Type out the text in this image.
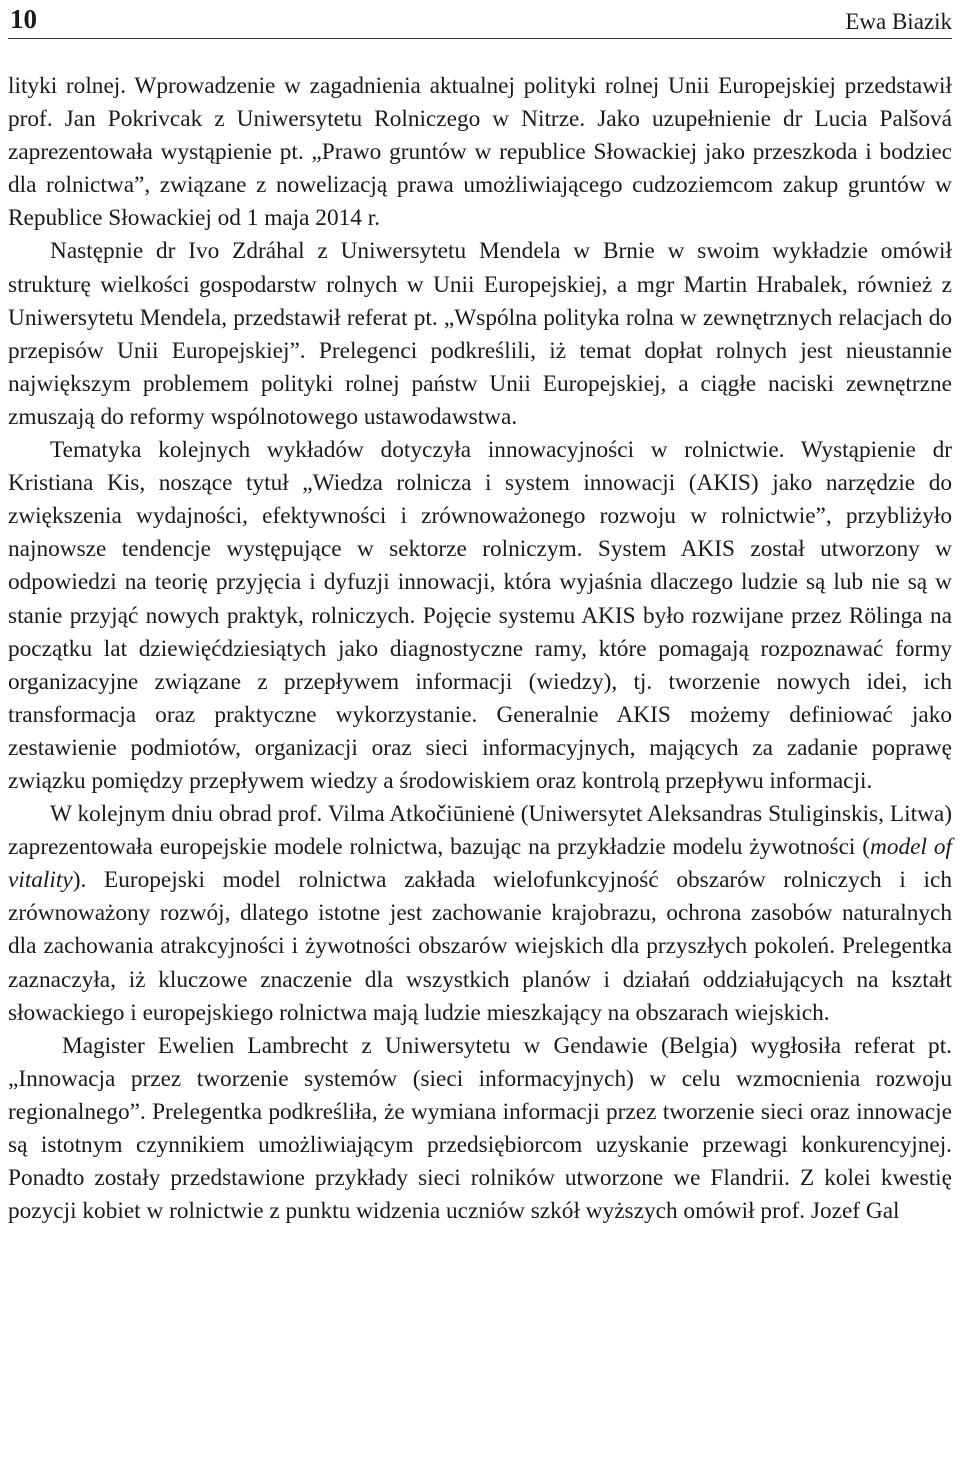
10	Ewa Biazik

lityki rolnej. Wprowadzenie w zagadnienia aktualnej polityki rolnej Unii Europejskiej przedstawił prof. Jan Pokrivcak z Uniwersytetu Rolniczego w Nitrze. Jako uzupełnienie dr Lucia Palšová zaprezentowała wystąpienie pt. „Prawo gruntów w republice Słowackiej jako przeszkoda i bodziec dla rolnictwa”, związane z nowelizacją prawa umożliwiającego cudzoziemcom zakup gruntów w Republice Słowackiej od 1 maja 2014 r.

Następnie dr Ivo Zdráhal z Uniwersytetu Mendela w Brnie w swoim wykładzie omówił strukturę wielkości gospodarstw rolnych w Unii Europejskiej, a mgr Martin Hrabalek, również z Uniwersytetu Mendela, przedstawił referat pt. „Wspólna polityka rolna w zewnętrznych relacjach do przepisów Unii Europejskiej”. Prelegenci podkreślili, iż temat dopłat rolnych jest nieustannie największym problemem polityki rolnej państw Unii Europejskiej, a ciągłe naciski zewnętrzne zmuszają do reformy wspólnotowego ustawodawstwa.

Tematyka kolejnych wykładów dotyczyła innowacyjności w rolnictwie. Wystąpienie dr Kristiana Kis, noszące tytuł „Wiedza rolnicza i system innowacji (AKIS) jako narzędzie do zwiększenia wydajności, efektywności i zrównoważonego rozwoju w rolnictwie”, przybliżyło najnowsze tendencje występujące w sektorze rolniczym. System AKIS został utworzony w odpowiedzi na teorię przyjęcia i dyfuzji innowacji, która wyjaśnia dlaczego ludzie są lub nie są w stanie przyjąć nowych praktyk, rolniczych. Pojęcie systemu AKIS było rozwijane przez Rölinga na początku lat dziewięćdziesiątych jako diagnostyczne ramy, które pomagają rozpoznawać formy organizacyjne związane z przepływem informacji (wiedzy), tj. tworzenie nowych idei, ich transformacja oraz praktyczne wykorzystanie. Generalnie AKIS możemy definiować jako zestawienie podmiotów, organizacji oraz sieci informacyjnych, mających za zadanie poprawę związku pomiędzy przepływem wiedzy a środowiskiem oraz kontrolą przepływu informacji.

W kolejnym dniu obrad prof. Vilma Atkočiūnienė (Uniwersytet Aleksandras Stuliginskis, Litwa) zaprezentowała europejskie modele rolnictwa, bazując na przykładzie modelu żywotności (model of vitality). Europejski model rolnictwa zakłada wielofunkcyjność obszarów rolniczych i ich zrównoważony rozwój, dlatego istotne jest zachowanie krajobrazu, ochrona zasobów naturalnych dla zachowania atrakcyjności i żywotności obszarów wiejskich dla przyszłych pokoleń. Prelegentka zaznaczyła, iż kluczowe znaczenie dla wszystkich planów i działań oddziałujących na kształt słowackiego i europejskiego rolnictwa mają ludzie mieszkający na obszarach wiejskich.

Magister Ewelien Lambrecht z Uniwersytetu w Gendawie (Belgia) wygłosiła referat pt. „Innowacja przez tworzenie systemów (sieci informacyjnych) w celu wzmocnienia rozwoju regionalnego”. Prelegentka podkreśliła, że wymiana informacji przez tworzenie sieci oraz innowacje są istotnym czynnikiem umożliwiającym przedsiębiorcom uzyskanie przewagi konkurencyjnej. Ponadto zostały przedstawione przykłady sieci rolników utworzone we Flandrii. Z kolei kwestię pozycji kobiet w rolnictwie z punktu widzenia uczniów szkół wyższych omówił prof. Jozef Gal
